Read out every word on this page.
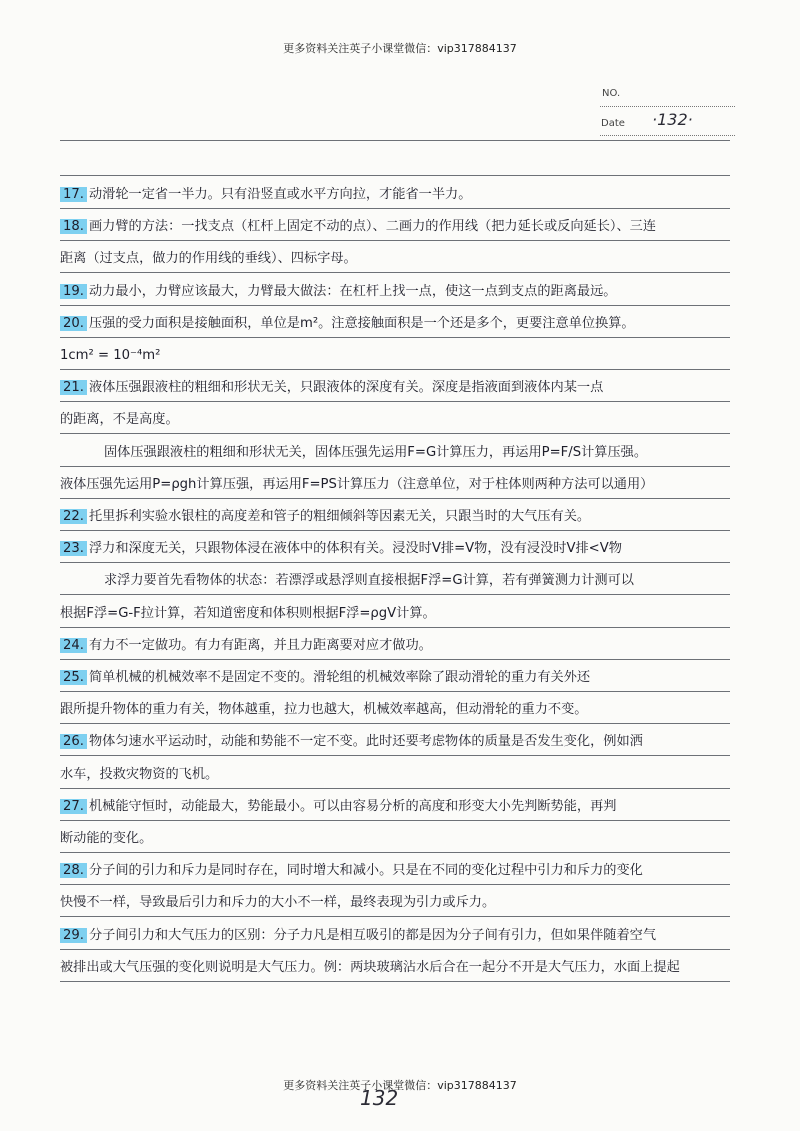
更多资料关注英子小课堂微信：vip317884137
NO.
Date ·132·
17. 动滑轮一定省一半力。只有沿竖直或水平方向拉，才能省一半力。
18. 画力臂的方法：一找支点（杠杆上固定不动的点）、二画力的作用线（把力延长或反向延长）、三连
距离（过支点，做力的作用线的垂线）、四标字母。
19. 动力最小，力臂应该最大，力臂最大做法：在杠杆上找一点，使这一点到支点的距离最远。
20. 压强的受力面积是接触面积，单位是m²。注意接触面积是一个还是多个，更要注意单位换算。
1cm² = 10⁻⁴m²
21. 液体压强跟液柱的粗细和形状无关，只跟液体的深度有关。深度是指液面到液体内某一点
的距离，不是高度。
固体压强跟液柱的粗细和形状无关，固体压强先运用F=G计算压力，再运用P=F/S计算压强。
液体压强先运用P=ρgh计算压强，再运用F=PS计算压力（注意单位，对于柱体则两种方法可以通用）
22. 托里拆利实验水银柱的高度差和管子的粗细倾斜等因素无关，只跟当时的大气压有关。
23. 浮力和深度无关，只跟物体浸在液体中的体积有关。浸没时V排=V物，没有浸没时V排<V物
求浮力要首先看物体的状态：若漂浮或悬浮则直接根据F浮=G计算，若有弹簧测力计测可以
根据F浮=G-F拉计算，若知道密度和体积则根据F浮=ρgV计算。
24. 有力不一定做功。有力有距离，并且力距离要对应才做功。
25. 简单机械的机械效率不是固定不变的。滑轮组的机械效率除了跟动滑轮的重力有关外还
跟所提升物体的重力有关，物体越重，拉力也越大，机械效率越高，但动滑轮的重力不变。
26. 物体匀速水平运动时，动能和势能不一定不变。此时还要考虑物体的质量是否发生变化，例如洒
水车，投救灾物资的飞机。
27. 机械能守恒时，动能最大，势能最小。可以由容易分析的高度和形变大小先判断势能，再判
断动能的变化。
28. 分子间的引力和斥力是同时存在，同时增大和减小。只是在不同的变化过程中引力和斥力的变化
快慢不一样，导致最后引力和斥力的大小不一样，最终表现为引力或斥力。
29. 分子间引力和大气压力的区别：分子力凡是相互吸引的都是因为分子间有引力，但如果伴随着空气
被排出或大气压强的变化则说明是大气压力。例：两块玻璃沾水后合在一起分不开是大气压力，水面上提起
更多资料关注英子小课堂微信：vip317884137
132
